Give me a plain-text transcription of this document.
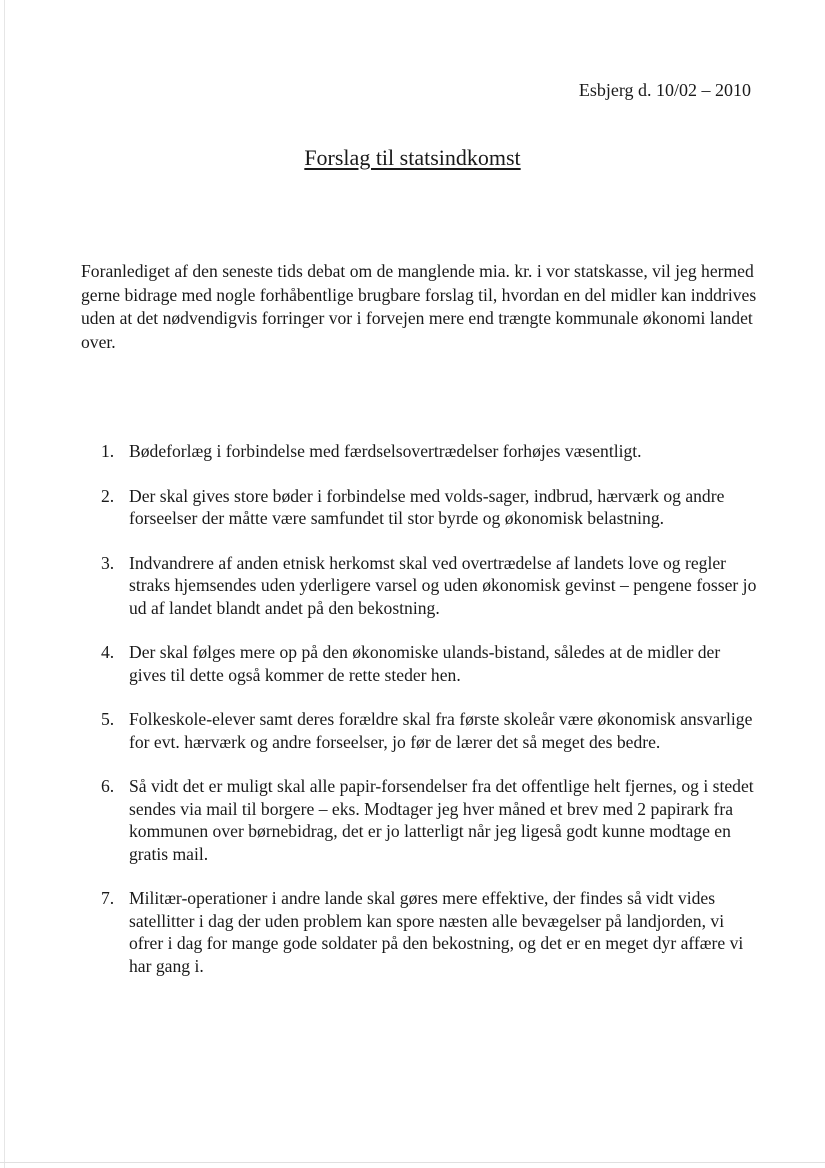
Esbjerg d. 10/02 – 2010
Forslag til statsindkomst

Foranlediget af den seneste tids debat om de manglende mia. kr. i vor statskasse, vil jeg hermed gerne bidrage med nogle forhåbentlige brugbare forslag til, hvordan en del midler kan inddrives uden at det nødvendigvis forringer vor i forvejen mere end trængte kommunale økonomi landet over.

1. Bødeforlæg i forbindelse med færdselsovertrædelser forhøjes væsentligt.
2. Der skal gives store bøder i forbindelse med volds-sager, indbrud, hærværk og andre forseelser der måtte være samfundet til stor byrde og økonomisk belastning.
3. Indvandrere af anden etnisk herkomst skal ved overtrædelse af landets love og regler straks hjemsendes uden yderligere varsel og uden økonomisk gevinst – pengene fosser jo ud af landet blandt andet på den bekostning.
4. Der skal følges mere op på den økonomiske ulands-bistand, således at de midler der gives til dette også kommer de rette steder hen.
5. Folkeskole-elever samt deres forældre skal fra første skoleår være økonomisk ansvarlige for evt. hærværk og andre forseelser, jo før de lærer det så meget des bedre.
6. Så vidt det er muligt skal alle papir-forsendelser fra det offentlige helt fjernes, og i stedet sendes via mail til borgere – eks. Modtager jeg hver måned et brev med 2 papirark fra kommunen over børnebidrag, det er jo latterligt når jeg ligeså godt kunne modtage en gratis mail.
7. Militær-operationer i andre lande skal gøres mere effektive, der findes så vidt vides satellitter i dag der uden problem kan spore næsten alle bevægelser på landjorden, vi ofrer i dag for mange gode soldater på den bekostning, og det er en meget dyr affære vi har gang i.
